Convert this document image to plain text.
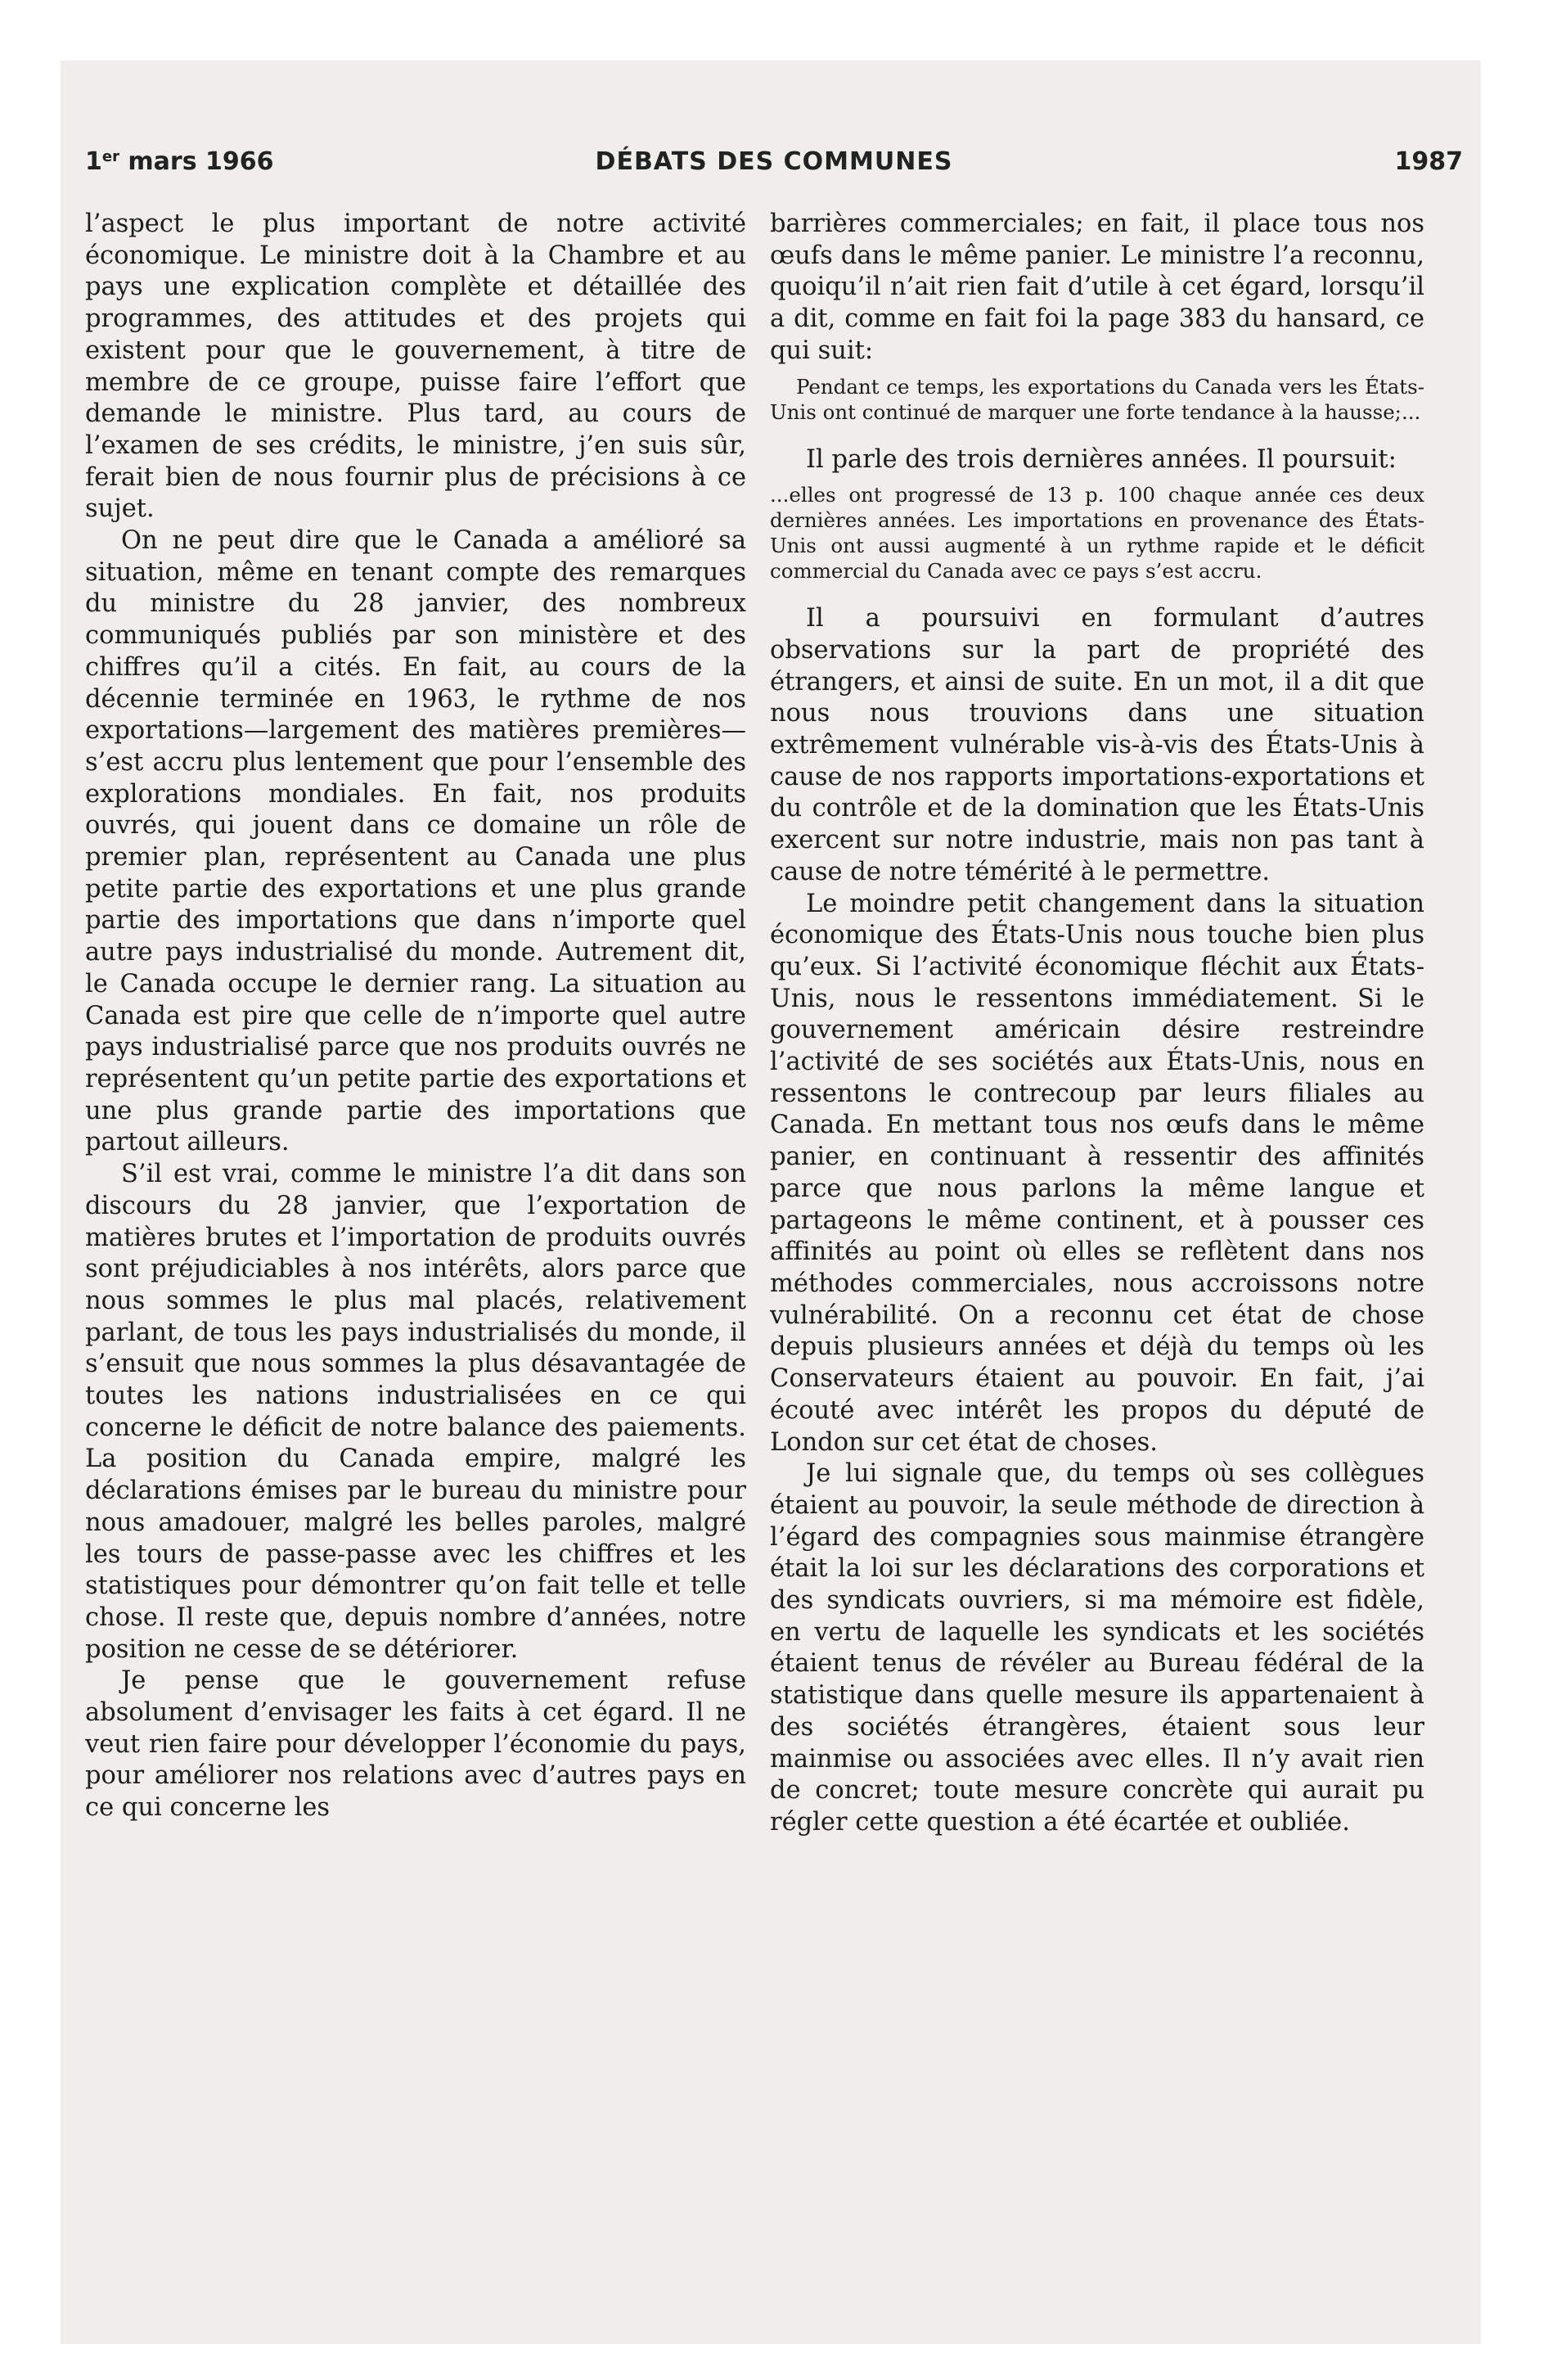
1er mars 1966	DÉBATS DES COMMUNES	1987

l’aspect le plus important de notre activité économique. Le ministre doit à la Chambre et au pays une explication complète et détaillée des programmes, des attitudes et des projets qui existent pour que le gouvernement, à titre de membre de ce groupe, puisse faire l’effort que demande le ministre. Plus tard, au cours de l’examen de ses crédits, le ministre, j’en suis sûr, ferait bien de nous fournir plus de précisions à ce sujet.

On ne peut dire que le Canada a amélioré sa situation, même en tenant compte des remarques du ministre du 28 janvier, des nombreux communiqués publiés par son ministère et des chiffres qu’il a cités. En fait, au cours de la décennie terminée en 1963, le rythme de nos exportations—largement des matières premières—s’est accru plus lentement que pour l’ensemble des explorations mondiales. En fait, nos produits ouvrés, qui jouent dans ce domaine un rôle de premier plan, représentent au Canada une plus petite partie des exportations et une plus grande partie des importations que dans n’importe quel autre pays industrialisé du monde. Autrement dit, le Canada occupe le dernier rang. La situation au Canada est pire que celle de n’importe quel autre pays industrialisé parce que nos produits ouvrés ne représentent qu’un petite partie des exportations et une plus grande partie des importations que partout ailleurs.

S’il est vrai, comme le ministre l’a dit dans son discours du 28 janvier, que l’exportation de matières brutes et l’importation de produits ouvrés sont préjudiciables à nos intérêts, alors parce que nous sommes le plus mal placés, relativement parlant, de tous les pays industrialisés du monde, il s’ensuit que nous sommes la plus désavantagée de toutes les nations industrialisées en ce qui concerne le déficit de notre balance des paiements. La position du Canada empire, malgré les déclarations émises par le bureau du ministre pour nous amadouer, malgré les belles paroles, malgré les tours de passe-passe avec les chiffres et les statistiques pour démontrer qu’on fait telle et telle chose. Il reste que, depuis nombre d’années, notre position ne cesse de se détériorer.

Je pense que le gouvernement refuse absolument d’envisager les faits à cet égard. Il ne veut rien faire pour développer l’économie du pays, pour améliorer nos relations avec d’autres pays en ce qui concerne les

barrières commerciales; en fait, il place tous nos œufs dans le même panier. Le ministre l’a reconnu, quoiqu’il n’ait rien fait d’utile à cet égard, lorsqu’il a dit, comme en fait foi la page 383 du hansard, ce qui suit:

Pendant ce temps, les exportations du Canada vers les États-Unis ont continué de marquer une forte tendance à la hausse;...

Il parle des trois dernières années. Il poursuit:

...elles ont progressé de 13 p. 100 chaque année ces deux dernières années. Les importations en provenance des États-Unis ont aussi augmenté à un rythme rapide et le déficit commercial du Canada avec ce pays s’est accru.

Il a poursuivi en formulant d’autres observations sur la part de propriété des étrangers, et ainsi de suite. En un mot, il a dit que nous nous trouvions dans une situation extrêmement vulnérable vis-à-vis des États-Unis à cause de nos rapports importations-exportations et du contrôle et de la domination que les États-Unis exercent sur notre industrie, mais non pas tant à cause de notre témérité à le permettre.

Le moindre petit changement dans la situation économique des États-Unis nous touche bien plus qu’eux. Si l’activité économique fléchit aux États-Unis, nous le ressentons immédiatement. Si le gouvernement américain désire restreindre l’activité de ses sociétés aux États-Unis, nous en ressentons le contrecoup par leurs filiales au Canada. En mettant tous nos œufs dans le même panier, en continuant à ressentir des affinités parce que nous parlons la même langue et partageons le même continent, et à pousser ces affinités au point où elles se reflètent dans nos méthodes commerciales, nous accroissons notre vulnérabilité. On a reconnu cet état de chose depuis plusieurs années et déjà du temps où les Conservateurs étaient au pouvoir. En fait, j’ai écouté avec intérêt les propos du député de London sur cet état de choses.

Je lui signale que, du temps où ses collègues étaient au pouvoir, la seule méthode de direction à l’égard des compagnies sous mainmise étrangère était la loi sur les déclarations des corporations et des syndicats ouvriers, si ma mémoire est fidèle, en vertu de laquelle les syndicats et les sociétés étaient tenus de révéler au Bureau fédéral de la statistique dans quelle mesure ils appartenaient à des sociétés étrangères, étaient sous leur mainmise ou associées avec elles. Il n’y avait rien de concret; toute mesure concrète qui aurait pu régler cette question a été écartée et oubliée.
